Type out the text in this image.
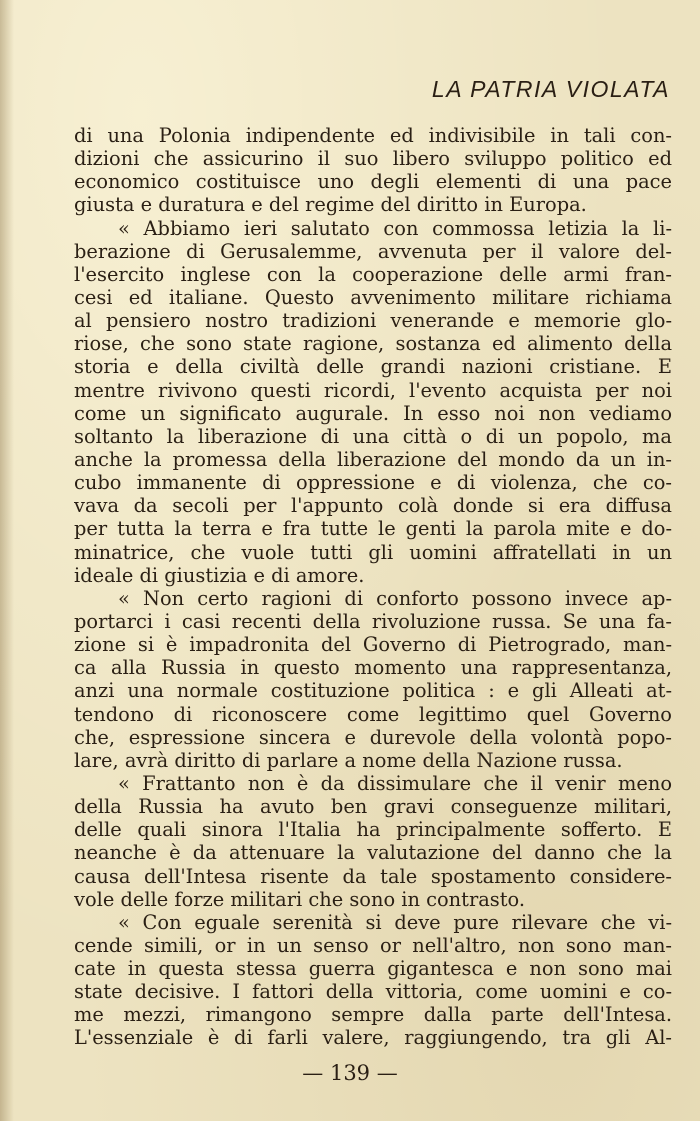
LA PATRIA VIOLATA
di una Polonia indipendente ed indivisibile in tali con-
dizioni che assicurino il suo libero sviluppo politico ed
economico costituisce uno degli elementi di una pace
giusta e duratura e del regime del diritto in Europa.
« Abbiamo ieri salutato con commossa letizia la li-
berazione di Gerusalemme, avvenuta per il valore del-
l'esercito inglese con la cooperazione delle armi fran-
cesi ed italiane. Questo avvenimento militare richiama
al pensiero nostro tradizioni venerande e memorie glo-
riose, che sono state ragione, sostanza ed alimento della
storia e della civiltà delle grandi nazioni cristiane. E
mentre rivivono questi ricordi, l'evento acquista per noi
come un significato augurale. In esso noi non vediamo
soltanto la liberazione di una città o di un popolo, ma
anche la promessa della liberazione del mondo da un in-
cubo immanente di oppressione e di violenza, che co-
vava da secoli per l'appunto colà donde si era diffusa
per tutta la terra e fra tutte le genti la parola mite e do-
minatrice, che vuole tutti gli uomini affratellati in un
ideale di giustizia e di amore.
« Non certo ragioni di conforto possono invece ap-
portarci i casi recenti della rivoluzione russa. Se una fa-
zione si è impadronita del Governo di Pietrogrado, man-
ca alla Russia in questo momento una rappresentanza,
anzi una normale costituzione politica : e gli Alleati at-
tendono di riconoscere come legittimo quel Governo
che, espressione sincera e durevole della volontà popo-
lare, avrà diritto di parlare a nome della Nazione russa.
« Frattanto non è da dissimulare che il venir meno
della Russia ha avuto ben gravi conseguenze militari,
delle quali sinora l'Italia ha principalmente sofferto. E
neanche è da attenuare la valutazione del danno che la
causa dell'Intesa risente da tale spostamento considere-
vole delle forze militari che sono in contrasto.
« Con eguale serenità si deve pure rilevare che vi-
cende simili, or in un senso or nell'altro, non sono man-
cate in questa stessa guerra gigantesca e non sono mai
state decisive. I fattori della vittoria, come uomini e co-
me mezzi, rimangono sempre dalla parte dell'Intesa.
L'essenziale è di farli valere, raggiungendo, tra gli Al-
— 139 —
